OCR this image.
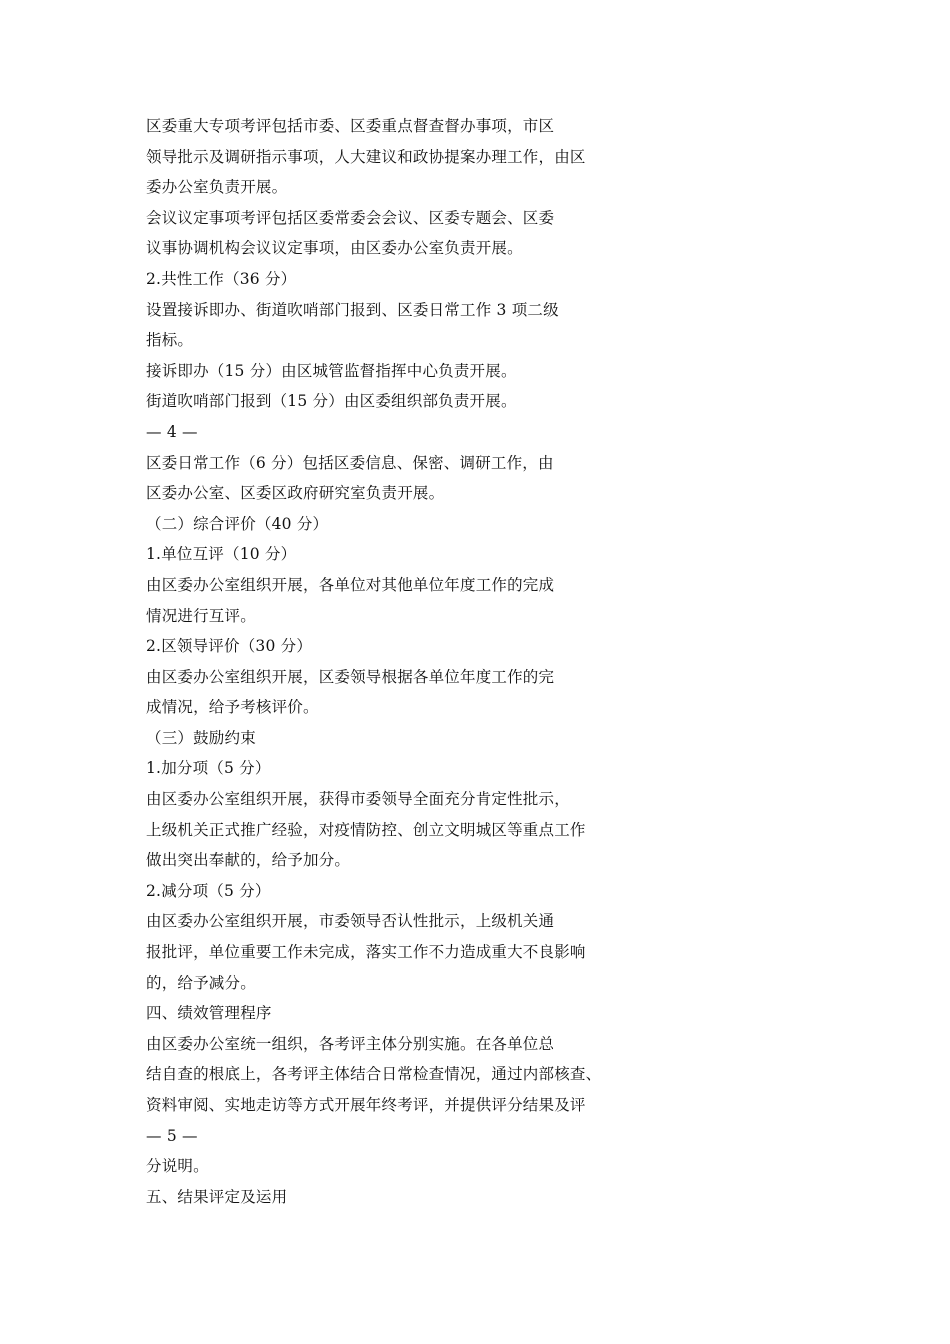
区委重大专项考评包括市委、区委重点督查督办事项，市区
领导批示及调研指示事项，人大建议和政协提案办理工作，由区
委办公室负责开展。
会议议定事项考评包括区委常委会会议、区委专题会、区委
议事协调机构会议议定事项，由区委办公室负责开展。
2.共性工作（36 分）
设置接诉即办、街道吹哨部门报到、区委日常工作 3 项二级
指标。
接诉即办（15 分）由区城管监督指挥中心负责开展。
街道吹哨部门报到（15 分）由区委组织部负责开展。
— 4 —
区委日常工作（6 分）包括区委信息、保密、调研工作，由
区委办公室、区委区政府研究室负责开展。
（二）综合评价（40 分）
1.单位互评（10 分）
由区委办公室组织开展，各单位对其他单位年度工作的完成
情况进行互评。
2.区领导评价（30 分）
由区委办公室组织开展，区委领导根据各单位年度工作的完
成情况，给予考核评价。
（三）鼓励约束
1.加分项（5 分）
由区委办公室组织开展，获得市委领导全面充分肯定性批示，
上级机关正式推广经验，对疫情防控、创立文明城区等重点工作
做出突出奉献的，给予加分。
2.减分项（5 分）
由区委办公室组织开展，市委领导否认性批示，上级机关通
报批评，单位重要工作未完成，落实工作不力造成重大不良影响
的，给予减分。
四、绩效管理程序
由区委办公室统一组织，各考评主体分别实施。在各单位总
结自查的根底上，各考评主体结合日常检查情况，通过内部核查、
资料审阅、实地走访等方式开展年终考评，并提供评分结果及评
— 5 —
分说明。
五、结果评定及运用
